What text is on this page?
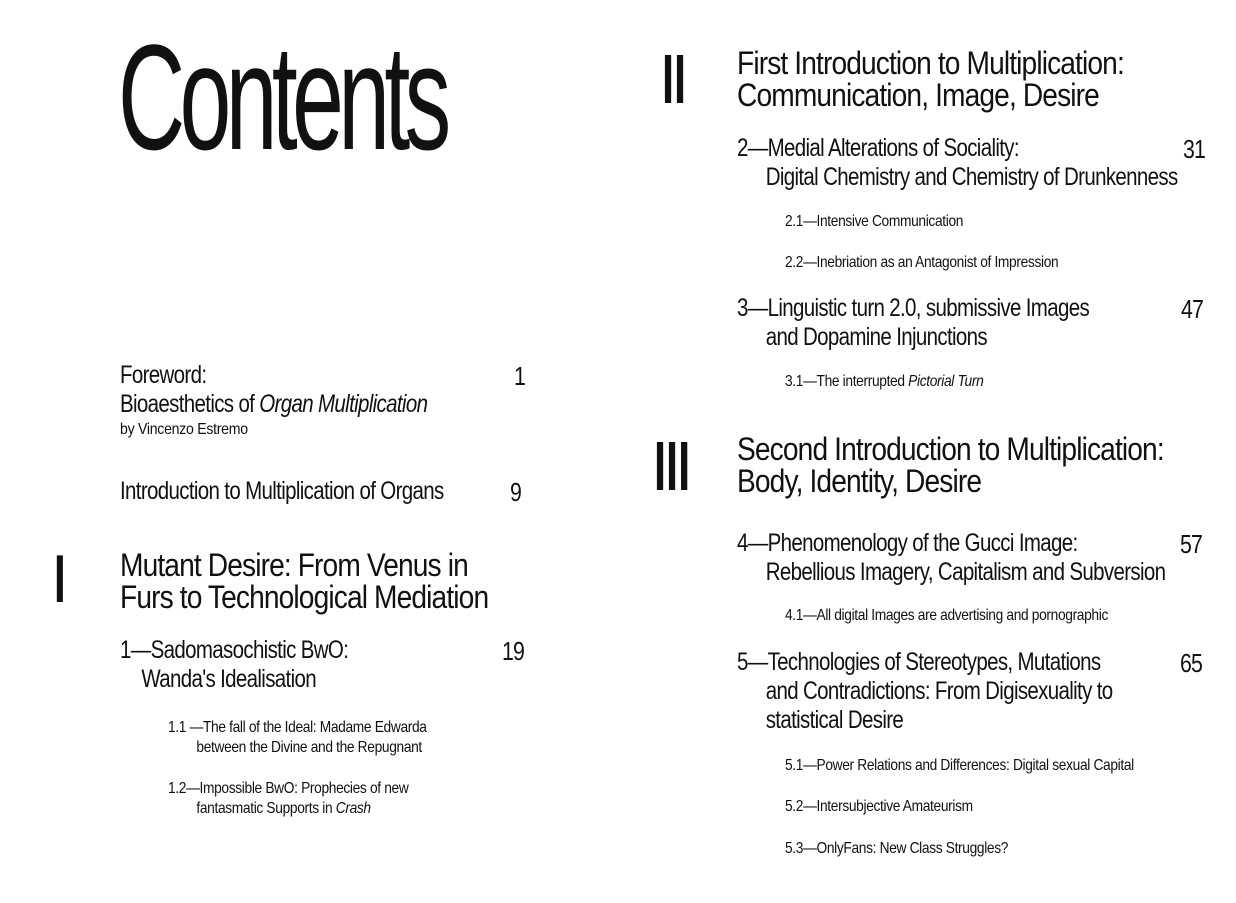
Contents
Foreword:
Bioaesthetics of Organ Multiplication
by Vincenzo Estremo
1
Introduction to Multiplication of Organs	9
I Mutant Desire: From Venus in
Furs to Technological Mediation
1—Sadomasochistic BwO:
Wanda's Idealisation
19
1.1 —The fall of the Ideal: Madame Edwarda
between the Divine and the Repugnant
1.2—Impossible BwO: Prophecies of new
fantasmatic Supports in Crash
II First Introduction to Multiplication:
Communication, Image, Desire
2—Medial Alterations of Sociality:
Digital Chemistry and Chemistry of Drunkenness
31
2.1—Intensive Communication
2.2—Inebriation as an Antagonist of Impression
3—Linguistic turn 2.0, submissive Images
and Dopamine Injunctions
47
3.1—The interrupted Pictorial Turn
III Second Introduction to Multiplication:
Body, Identity, Desire
4—Phenomenology of the Gucci Image:
Rebellious Imagery, Capitalism and Subversion
57
4.1—All digital Images are advertising and pornographic
5—Technologies of Stereotypes, Mutations
and Contradictions: From Digisexuality to
statistical Desire
65
5.1—Power Relations and Differences: Digital sexual Capital
5.2—Intersubjective Amateurism
5.3—OnlyFans: New Class Struggles?
